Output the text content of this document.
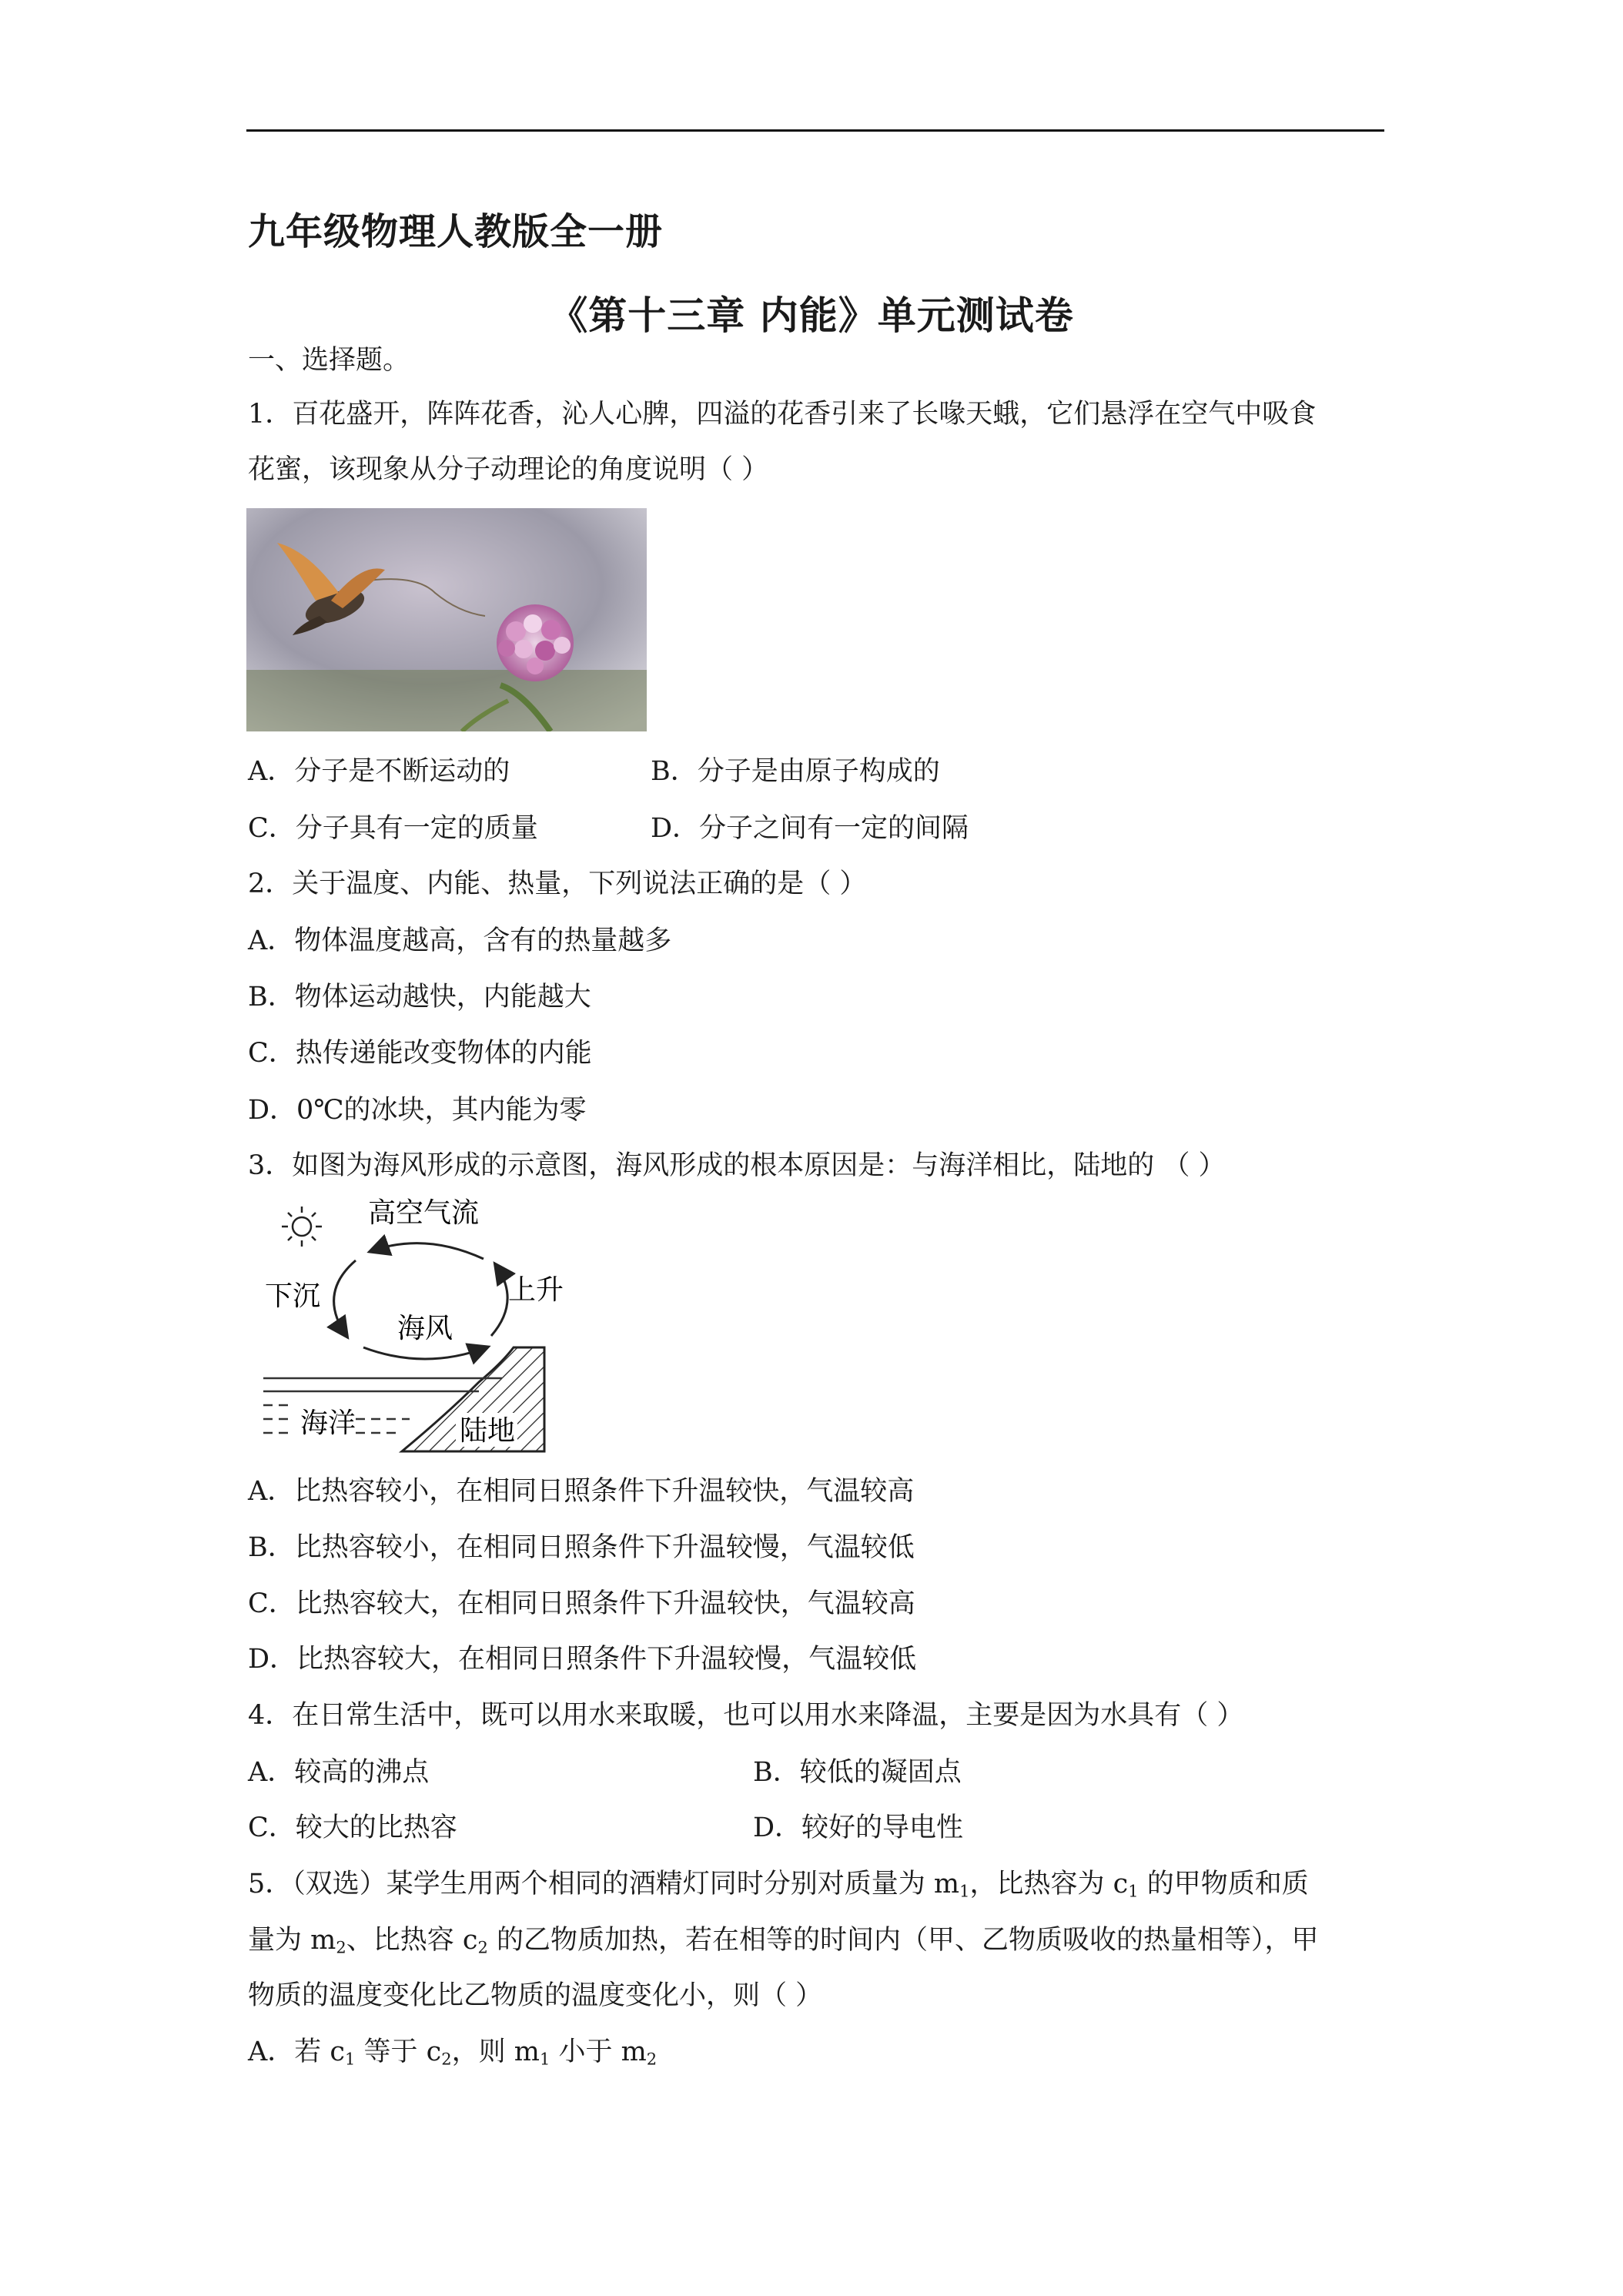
九年级物理人教版全一册
《第十三章 内能》单元测试卷
一、选择题。
1．百花盛开，阵阵花香，沁人心脾，四溢的花香引来了长喙天蛾，它们悬浮在空气中吸食
花蜜，该现象从分子动理论的角度说明（ ）
A．分子是不断运动的	B．分子是由原子构成的
C．分子具有一定的质量	D．分子之间有一定的间隔
2．关于温度、内能、热量，下列说法正确的是（ ）
A．物体温度越高，含有的热量越多
B．物体运动越快，内能越大
C．热传递能改变物体的内能
D．0℃的冰块，其内能为零
3．如图为海风形成的示意图，海风形成的根本原因是：与海洋相比，陆地的 （ ）
高空气流
下沉	上升
海风
海洋	陆地
A．比热容较小，在相同日照条件下升温较快，气温较高
B．比热容较小，在相同日照条件下升温较慢，气温较低
C．比热容较大，在相同日照条件下升温较快，气温较高
D．比热容较大，在相同日照条件下升温较慢，气温较低
4．在日常生活中，既可以用水来取暖，也可以用水来降温，主要是因为水具有（ ）
A．较高的沸点	B．较低的凝固点
C．较大的比热容	D．较好的导电性
5．（双选）某学生用两个相同的酒精灯同时分别对质量为 $m_1$，比热容为 $c_1$ 的甲物质和质
量为 $m_2$、比热容 $c_2$ 的乙物质加热，若在相等的时间内（甲、乙物质吸收的热量相等），甲
物质的温度变化比乙物质的温度变化小，则（ ）
A．若 $c_1$ 等于 $c_2$，则 $m_1$ 小于 $m_2$
